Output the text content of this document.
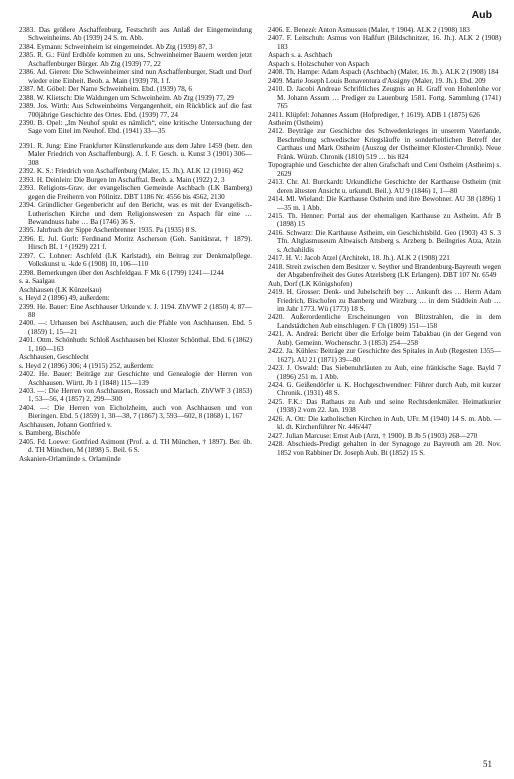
Aub
2383. Das größere Aschaffenburg, Festschrift aus Anlaß der Eingemeindung Schweinheims. Ab (1939) 24 S. m. Abb.
2384. Eymann: Schweinheim ist eingemeindet. Ab Ztg (1939) 87, 3
2385. R. G.: Fünf Erdhöfe kommen zu uns, Schweinheimer Bauern werden jetzt Aschaffenburger Bürger. Ab Ztg (1939) 77, 22
2386. Ad. Gieren: Die Schweinheimer sind nun Aschaffenburger, Stadt und Dorf wieder eine Einheit. Beob. a. Main (1939) 78, 1 f.
2387. M. Göbel: Der Name Schweinheim. Ebd. (1939) 78, 6
2388. W. Klietsch: Die Waldungen um Schweinheim. Ab Ztg (1939) 77, 29
2389. Jos. Wirth: Aus Schweinheims Vergangenheit, ein Rückblick auf die fast 700jährige Geschichte des Ortes. Ebd. (1939) 77, 24
2390. B. Opel: „Im Neuhof spukt es nämlich“, eine kritische Untersuchung der Sage vom Eitel im Neuhof. Ebd. (1941) 33—35
2391. R. Jung: Eine Frankfurter Künstlerurkunde aus dem Jahre 1459 (betr. den Maler Friedrich von Aschaffenburg). A. f. F. Gesch. u. Kunst 3 (1901) 306—308
2392. K. S.: Friedrich von Aschaffenburg (Maler, 15. Jh.). ALK 12 (1916) 462
2393. H. Deinlein: Die Burgen im Aschafftal. Beob. a. Main (1922) 2, 3
2393. Religions-Grav. der evangelischen Gemeinde Aschbach (LK Bamberg) gegen die Freiherrn von Pöllnitz. DBT 1186 Nr. 4556 bis 4562, 2130
2394. Gründlicher Gegenbericht auf den Bericht, was es mit der Evangelisch-Lutherischen Kirche und dem Religionswesen zu Aspach für eine … Bewandnuss habe … Ba (1746) 36 S.
2395. Jahrbuch der Sippe Aschenbrenner 1935. Pa (1935) 8 S.
2396. E. Jul. Gurlt: Ferdinand Moritz Ascherson (Geh. Sanitätsrat, † 1879). Hirsch BL 1 ² (1929) 221 f.
2397. C. Lohner: Aschfeld (LK Karlstadt), ein Beitrag zur Denkmalpflege. Volkskunst u. -kde 6 (1908) 10, 106—110
2398. Bemerkungen über den Aschfeldgau. F Mk 6 (1799) 1241—1244
s. a. Saalgau
Aschhausen (LK Künzelsau)
s. Heyd 2 (1896) 49, außerdem:
2399. He. Bauer: Eine Aschhauser Urkunde v. J. 1194. ZhVWF 2 (1850) 4, 87—88
2400. —: Urhausen bei Aschhausen, auch die Pfahle von Aschhausen. Ebd. 5 (1859) 1, 15—21
2401. Ottm. Schönhuth: Schloß Aschhausen bei Kloster Schönthal. Ebd. 6 (1862) 1, 160—163
Aschhausen, Geschlecht
s. Heyd 2 (1896) 306; 4 (1915) 252, außerdem:
2402. He. Bauer: Beiträge zur Geschichte und Genealogie der Herren von Aschhausen. Württ. Jb 1 (1848) 115—139
2403. —: Die Herren von Aschhausen, Rossach und Marlach. ZhVWF 3 (1853) 1, 53—56, 4 (1857) 2, 299—300
2404. —: Die Herren von Eicholzheim, auch von Aschhausen und von Bieringen. Ebd. 5 (1859) 1, 30—38, 7 (1867) 3, 593—602, 8 (1868) 1, 167
Aschhausen, Johann Gottfried v.
s. Bamberg, Bischöfe
2405. Fd. Loewe: Gottfried Asimont (Prof. a. d. TH München, † 1897). Ber. üb. d. TH München, M (1898) 5. Beil. 6 S.
Askanien-Orlamünde s. Orlamünde
2406. E. Benezé: Anton Asmussen (Maler, † 1904). ALK 2 (1908) 183
2407. F. Leitschuh: Asmus von Haßfurt (Bildschnitzer, 16. Jh.). ALK 2 (1908) 183
Aspach s. a. Aschbach
Aspach s. Holzschuher von Aspach
2408. Th. Hampe: Adam Aspach (Aschbach) (Maler, 16. Jh.). ALK 2 (1908) 184
2409. Marie Joseph Louis Bonaventura d'Assigny (Maler, 19. Jh.). Ebd. 209
2410. D. Jacobi Andreae Schriftliches Zeugnis an H. Graff von Hohenlohe vor M. Johann Assum … Prediger zu Lauenburg 1581. Fortg. Sammlung (1741) 765
2411. Klüpfel: Johannes Assum (Hofprediger, † 1619). ADB 1 (1875) 626
Astheim (Ostheim)
2412. Beyträge zur Geschichte des Schwedenkrieges in unserem Vaterlande, Beschreibung schwedischer Kriegsläuffe in sonderheitlichen Betreff der Carthaus und Mark Ostheim (Auszug der Ostheimer Kloster-Chronik). Neue Fränk. Würzb. Chronik (1810) 519 … bis 824
Topographie und Geschichte der alten Grafschaft und Cent Ostheim (Astheim) s. 2629
2413. Chr. Al. Burckardt: Urkundliche Geschichte der Karthause Ostheim (mit deren ältesten Ansicht u. urkundl. Beil.). AU 9 (1846) 1, 1—80
2414. Ml. Wieland: Die Karthause Ostheim und ihre Bewohner. AU 38 (1896) 1—35 m. 1 Abb.
2415. Th. Henner: Portal aus der ehemaligen Karthause zu Astheim. Afr B (1898) 15
2416. Schwarz: Die Karthause Astheim, ein Geschichtsbild. Geo (1903) 43 S. 3 Tfn. Altglasmuseum Altwaisch Attsberg s. Arzberg b. Beilngries Atza, Atzin s. Achahildis
2417. H. V.: Jacob Atzel (Architekt, 18. Jh.). ALK 2 (1908) 221
2418. Streit zwischen dem Besitzer v. Seyther und Brandenburg-Bayreuth wegen der Abgabenfreiheit des Gutes Atzelsberg (LK Erlangen). DBT 107 Nr. 6549
Aub, Dorf (LK Königshofen)
2419. H. Grosser: Denk- und Jubelschrift bey … Ankunft des … Herrn Adam Friedrich, Bischofen zu Bamberg und Wirzburg … in dem Städtlein Aub … im Jahr 1773. Wü (1773) 18 S.
2420. Außerordentliche Erscheinungen von Blitzstrahlen, die in dem Landstädtchen Aub einschlugen. F Ch (1809) 151—158
2421. A. Andreä: Bericht über die Erfolge beim Tabakbau (in der Gegend von Aub). Gemeinn. Wochenschr. 3 (1853) 254—258
2422. Ja. Kühles: Beiträge zur Geschichte des Spitales in Aub (Regesten 1355—1627). AU 21 (1871) 39—80
2423. J. Oswald: Das Siebenuhrläuten zu Aub, eine fränkische Sage. Bayld 7 (1896) 251 m. 1 Abb.
2424. G. Geißendörfer u. K. Hochgeschwendner: Führer durch Aub, mit kurzer Chronik. (1931) 48 S.
2425. F.K.: Das Rathaus zu Aub und seine Rechtsdenkmäler. Heimatkurier (1938) 2 vom 22. Jan. 1938
2426. A. Ott: Die katholischen Kirchen in Aub, UFr. M (1940) 14 S. m. Abb. — kl. dt. Kirchenführer Nr. 446/447
2427. Julian Marcuse: Ernst Aub (Arzt, † 1900). B Jb 5 (1903) 268—270
2428. Abschieds-Predigt gehalten in der Synagoge zu Bayreuth am 20. Nov. 1852 von Rabbiner Dr. Joseph Aub. Bt (1852) 15 S.
51
